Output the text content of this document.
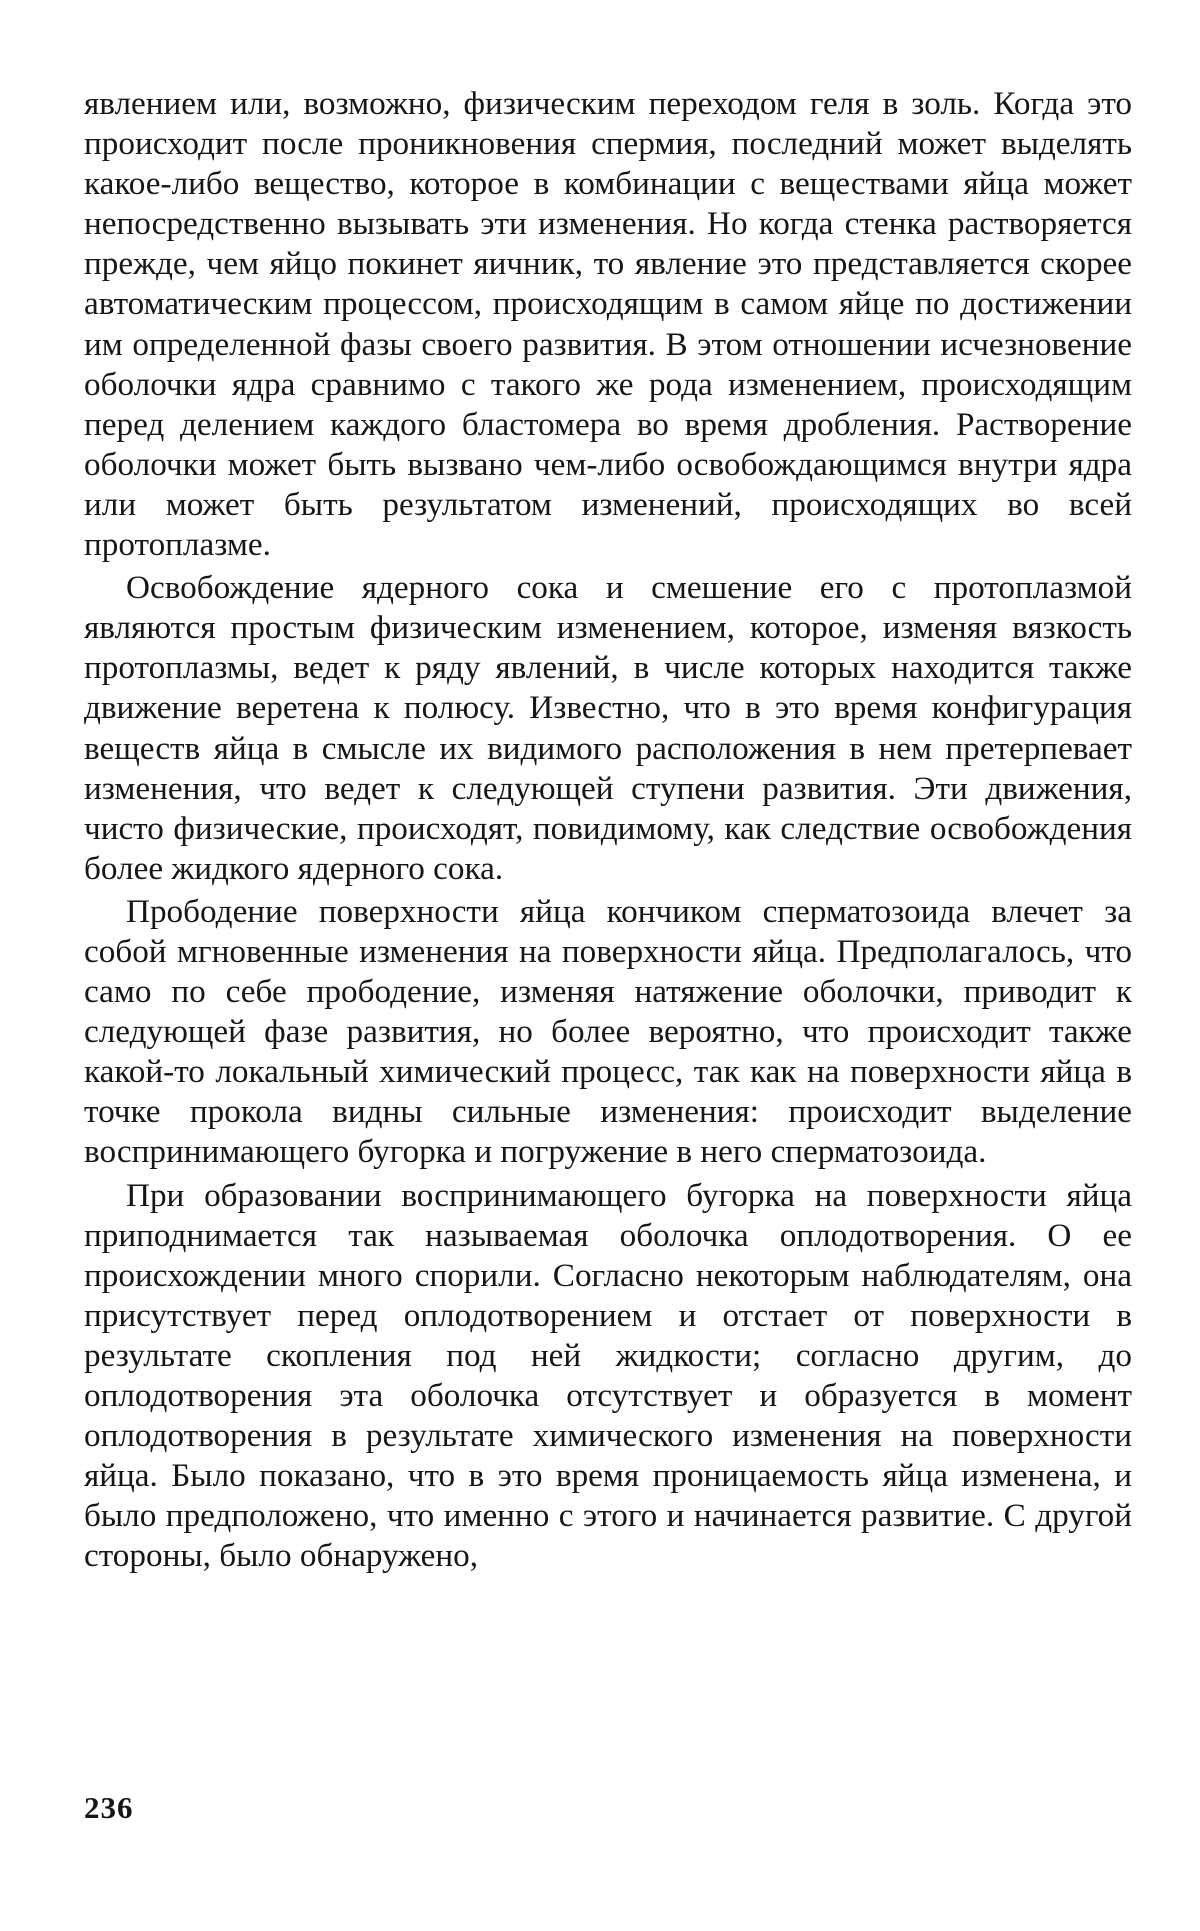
явлением или, возможно, физическим переходом геля в золь. Когда это происходит после проникновения спермия, последний может выделять какое-либо вещество, которое в комбинации с веществами яйца может непосредственно вызывать эти изменения. Но когда стенка растворяется прежде, чем яйцо покинет яичник, то явление это представляется скорее автоматическим процессом, происходящим в самом яйце по достижении им определенной фазы своего развития. В этом отношении исчезновение оболочки ядра сравнимо с такого же рода изменением, происходящим перед делением каждого бластомера во время дробления. Растворение оболочки может быть вызвано чем-либо освобождающимся внутри ядра или может быть результатом изменений, происходящих во всей протоплазме.

Освобождение ядерного сока и смешение его с протоплазмой являются простым физическим изменением, которое, изменяя вязкость протоплазмы, ведет к ряду явлений, в числе которых находится также движение веретена к полюсу. Известно, что в это время конфигурация веществ яйца в смысле их видимого расположения в нем претерпевает изменения, что ведет к следующей ступени развития. Эти движения, чисто физические, происходят, повидимому, как следствие освобождения более жидкого ядерного сока.

Прободение поверхности яйца кончиком сперматозоида влечет за собой мгновенные изменения на поверхности яйца. Предполагалось, что само по себе прободение, изменяя натяжение оболочки, приводит к следующей фазе развития, но более вероятно, что происходит также какой-то локальный химический процесс, так как на поверхности яйца в точке прокола видны сильные изменения: происходит выделение воспринимающего бугорка и погружение в него сперматозоида.

При образовании воспринимающего бугорка на поверхности яйца приподнимается так называемая оболочка оплодотворения. О ее происхождении много спорили. Согласно некоторым наблюдателям, она присутствует перед оплодотворением и отстает от поверхности в результате скопления под ней жидкости; согласно другим, до оплодотворения эта оболочка отсутствует и образуется в момент оплодотворения в результате химического изменения на поверхности яйца. Было показано, что в это время проницаемость яйца изменена, и было предположено, что именно с этого и начинается развитие. С другой стороны, было обнаружено,

236
